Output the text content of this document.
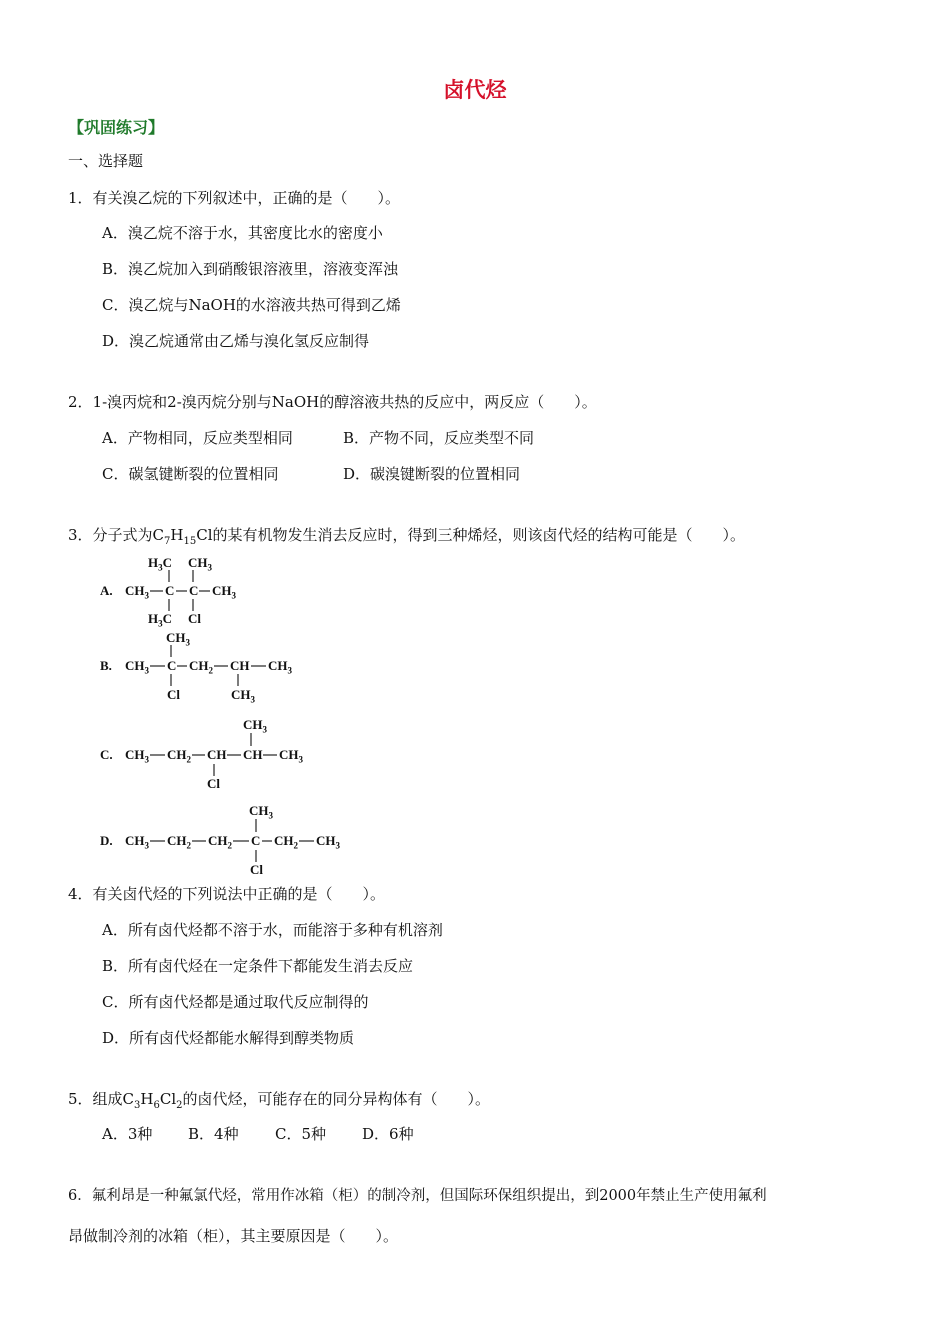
卤代烃
【巩固练习】
一、选择题
1．有关溴乙烷的下列叙述中，正确的是（　　）。
A．溴乙烷不溶于水，其密度比水的密度小
B．溴乙烷加入到硝酸银溶液里，溶液变浑浊
C．溴乙烷与NaOH的水溶液共热可得到乙烯
D．溴乙烷通常由乙烯与溴化氢反应制得
2．1-溴丙烷和2-溴丙烷分别与NaOH的醇溶液共热的反应中，两反应（　　）。
A．产物相同，反应类型相同	B．产物不同，反应类型不同
C．碳氢键断裂的位置相同	D．碳溴键断裂的位置相同
3．分子式为$C_7H_{15}Cl$的某有机物发生消去反应时，得到三种烯烃，则该卤代烃的结构可能是（　　）。
A.
$H_3C$ $CH_3$
$CH_3$ C C $CH_3$
$H_3C$ Cl
B.
$CH_3$
$CH_3$ C $CH_2$ CH $CH_3$
Cl	$CH_3$
C.
$CH_3$
$CH_3$ $CH_2$ CH CH $CH_3$
Cl
D.
$CH_3$
$CH_3$ $CH_2$ $CH_2$ C $CH_2$ $CH_3$
Cl
4．有关卤代烃的下列说法中正确的是（　　）。
A．所有卤代烃都不溶于水，而能溶于多种有机溶剂
B．所有卤代烃在一定条件下都能发生消去反应
C．所有卤代烃都是通过取代反应制得的
D．所有卤代烃都能水解得到醇类物质
5．组成$C_3H_6Cl_2$的卤代烃，可能存在的同分异构体有（　　）。
A．3种 B．4种 C．5种 D．6种
6．氟利昂是一种氟氯代烃，常用作冰箱（柜）的制冷剂，但国际环保组织提出，到2000年禁止生产使用氟利
昂做制冷剂的冰箱（柜），其主要原因是（　　）。
